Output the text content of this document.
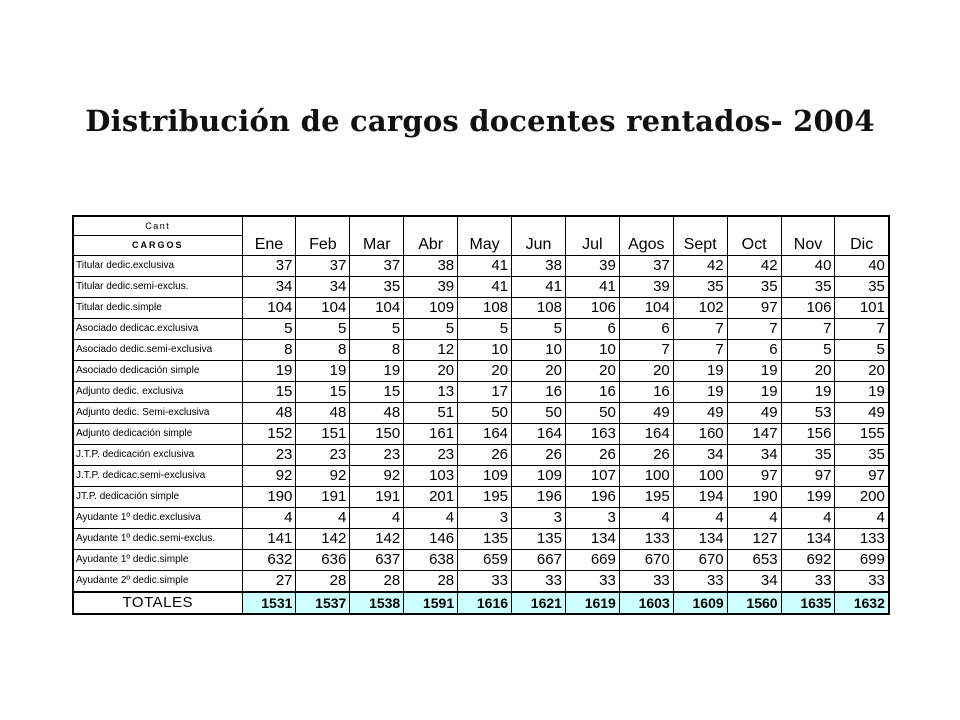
Distribución de cargos docentes rentados- 2004
Cant	Ene	Feb	Mar	Abr	May	Jun	Jul	Agos	Sept	Oct	Nov	Dic
CARGOS												
Titular dedic.exclusiva	37	37	37	38	41	38	39	37	42	42	40	40
Titular dedic.semi-exclus.	34	34	35	39	41	41	41	39	35	35	35	35
Titular dedic.simple	104	104	104	109	108	108	106	104	102	97	106	101
Asociado dedicac.exclusiva	5	5	5	5	5	5	6	6	7	7	7	7
Asociado dedic.semi-exclusiva	8	8	8	12	10	10	10	7	7	6	5	5
Asociado dedicación simple	19	19	19	20	20	20	20	20	19	19	20	20
Adjunto dedic. exclusiva	15	15	15	13	17	16	16	16	19	19	19	19
Adjunto dedic. Semi-exclusiva	48	48	48	51	50	50	50	49	49	49	53	49
Adjunto dedicación simple	152	151	150	161	164	164	163	164	160	147	156	155
J.T.P. dedicación exclusiva	23	23	23	23	26	26	26	26	34	34	35	35
J.T.P. dedicac.semi-exclusiva	92	92	92	103	109	109	107	100	100	97	97	97
JT.P. dedicación simple	190	191	191	201	195	196	196	195	194	190	199	200
Ayudante 1º dedic.exclusiva	4	4	4	4	3	3	3	4	4	4	4	4
Ayudante 1º dedic.semi-exclus.	141	142	142	146	135	135	134	133	134	127	134	133
Ayudante 1º dedic.simple	632	636	637	638	659	667	669	670	670	653	692	699
Ayudante 2º dedic.simple	27	28	28	28	33	33	33	33	33	34	33	33
TOTALES	1531	1537	1538	1591	1616	1621	1619	1603	1609	1560	1635	1632
